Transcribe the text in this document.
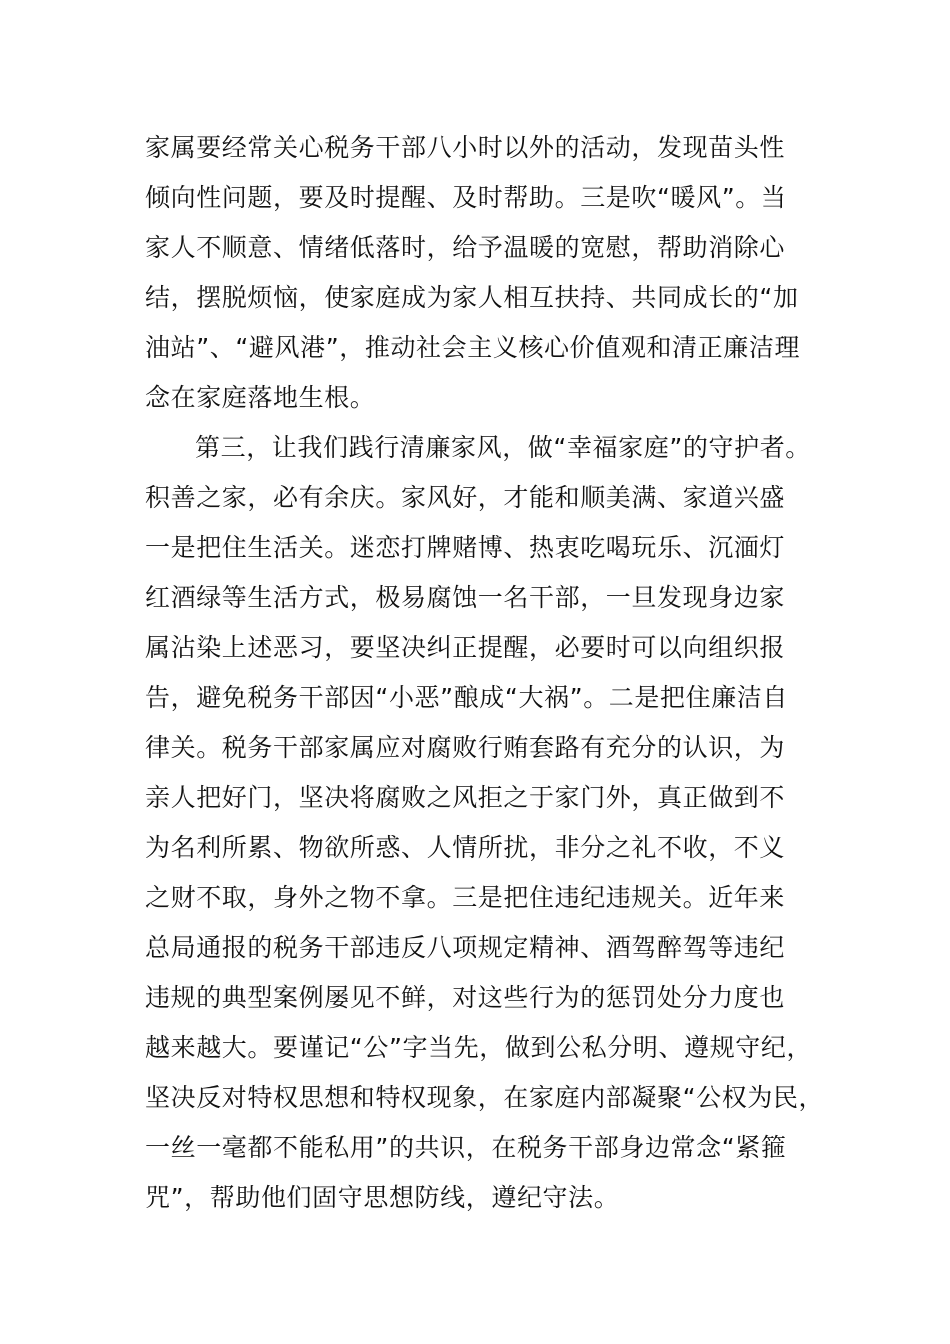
家属要经常关心税务干部八小时以外的活动，发现苗头性
倾向性问题，要及时提醒、及时帮助。三是吹“暖风”。当
家人不顺意、情绪低落时，给予温暖的宽慰，帮助消除心
结，摆脱烦恼，使家庭成为家人相互扶持、共同成长的“加
油站”、“避风港”，推动社会主义核心价值观和清正廉洁理
念在家庭落地生根。
第三，让我们践行清廉家风，做“幸福家庭”的守护者。
积善之家，必有余庆。家风好，才能和顺美满、家道兴盛
一是把住生活关。迷恋打牌赌博、热衷吃喝玩乐、沉湎灯
红酒绿等生活方式，极易腐蚀一名干部，一旦发现身边家
属沾染上述恶习，要坚决纠正提醒，必要时可以向组织报
告，避免税务干部因“小恶”酿成“大祸”。二是把住廉洁自
律关。税务干部家属应对腐败行贿套路有充分的认识，为
亲人把好门，坚决将腐败之风拒之于家门外，真正做到不
为名利所累、物欲所惑、人情所扰，非分之礼不收，不义
之财不取，身外之物不拿。三是把住违纪违规关。近年来
总局通报的税务干部违反八项规定精神、酒驾醉驾等违纪
违规的典型案例屡见不鲜，对这些行为的惩罚处分力度也
越来越大。要谨记“公”字当先，做到公私分明、遵规守纪，
坚决反对特权思想和特权现象，在家庭内部凝聚“公权为民，
一丝一毫都不能私用”的共识，在税务干部身边常念“紧箍
咒”，帮助他们固守思想防线，遵纪守法。
